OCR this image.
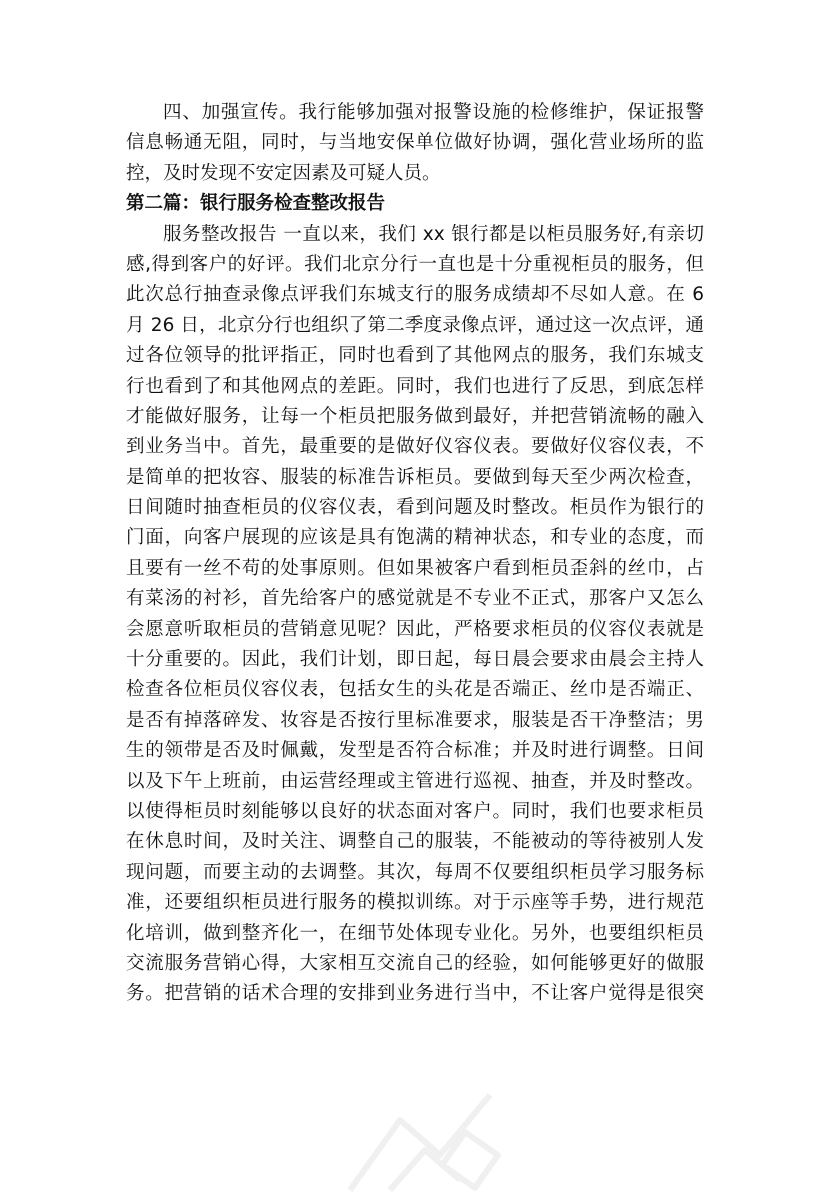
四、加强宣传。我行能够加强对报警设施的检修维护，保证报警
信息畅通无阻，同时，与当地安保单位做好协调，强化营业场所的监
控，及时发现不安定因素及可疑人员。
第二篇：银行服务检查整改报告
服务整改报告 一直以来，我们 xx 银行都是以柜员服务好,有亲切
感,得到客户的好评。我们北京分行一直也是十分重视柜员的服务，但
此次总行抽查录像点评我们东城支行的服务成绩却不尽如人意。在 6
月 26 日，北京分行也组织了第二季度录像点评，通过这一次点评，通
过各位领导的批评指正，同时也看到了其他网点的服务，我们东城支
行也看到了和其他网点的差距。同时，我们也进行了反思，到底怎样
才能做好服务，让每一个柜员把服务做到最好，并把营销流畅的融入
到业务当中。首先，最重要的是做好仪容仪表。要做好仪容仪表，不
是简单的把妆容、服装的标准告诉柜员。要做到每天至少两次检查，
日间随时抽查柜员的仪容仪表，看到问题及时整改。柜员作为银行的
门面，向客户展现的应该是具有饱满的精神状态，和专业的态度，而
且要有一丝不苟的处事原则。但如果被客户看到柜员歪斜的丝巾，占
有菜汤的衬衫，首先给客户的感觉就是不专业不正式，那客户又怎么
会愿意听取柜员的营销意见呢？因此，严格要求柜员的仪容仪表就是
十分重要的。因此，我们计划，即日起，每日晨会要求由晨会主持人
检查各位柜员仪容仪表，包括女生的头花是否端正、丝巾是否端正、
是否有掉落碎发、妆容是否按行里标准要求，服装是否干净整洁；男
生的领带是否及时佩戴，发型是否符合标准；并及时进行调整。日间
以及下午上班前，由运营经理或主管进行巡视、抽查，并及时整改。
以使得柜员时刻能够以良好的状态面对客户。同时，我们也要求柜员
在休息时间，及时关注、调整自己的服装，不能被动的等待被别人发
现问题，而要主动的去调整。其次，每周不仅要组织柜员学习服务标
准，还要组织柜员进行服务的模拟训练。对于示座等手势，进行规范
化培训，做到整齐化一，在细节处体现专业化。另外，也要组织柜员
交流服务营销心得，大家相互交流自己的经验，如何能够更好的做服
务。把营销的话术合理的安排到业务进行当中，不让客户觉得是很突
